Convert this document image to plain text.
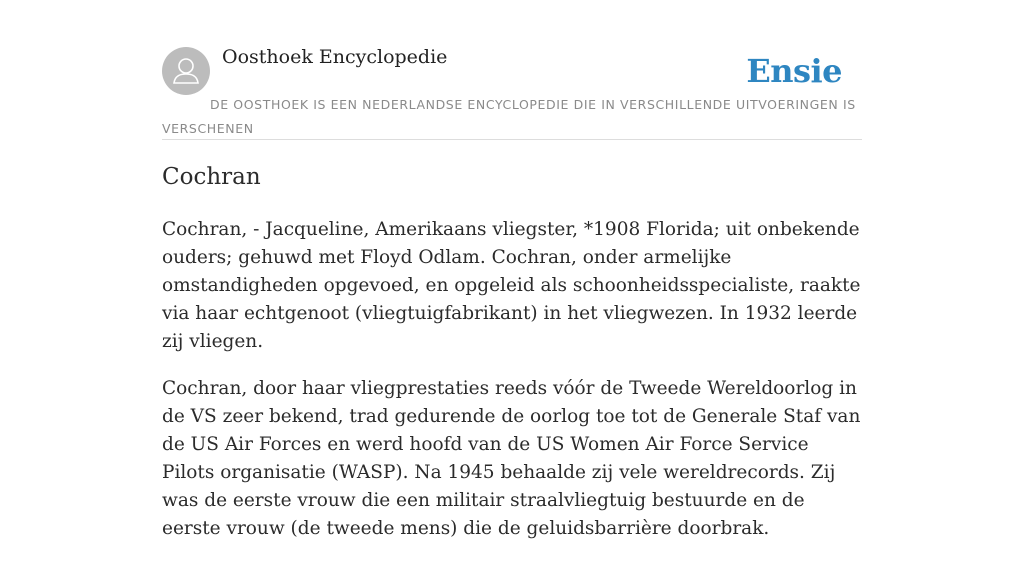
Oosthoek Encyclopedie	Ensie
DE OOSTHOEK IS EEN NEDERLANDSE ENCYCLOPEDIE DIE IN VERSCHILLENDE UITVOERINGEN IS VERSCHENEN
Cochran

Cochran, - Jacqueline, Amerikaans vliegster, *1908 Florida; uit onbekende ouders; gehuwd met Floyd Odlam. Cochran, onder armelijke omstandigheden opgevoed, en opgeleid als schoonheidsspecialiste, raakte via haar echtgenoot (vliegtuigfabrikant) in het vliegwezen. In 1932 leerde zij vliegen.

Cochran, door haar vliegprestaties reeds vóór de Tweede Wereldoorlog in de VS zeer bekend, trad gedurende de oorlog toe tot de Generale Staf van de US Air Forces en werd hoofd van de US Women Air Force Service Pilots organisatie (WASP). Na 1945 behaalde zij vele wereldrecords. Zij was de eerste vrouw die een militair straalvliegtuig bestuurde en de eerste vrouw (de tweede mens) die de geluidsbarrière doorbrak.
